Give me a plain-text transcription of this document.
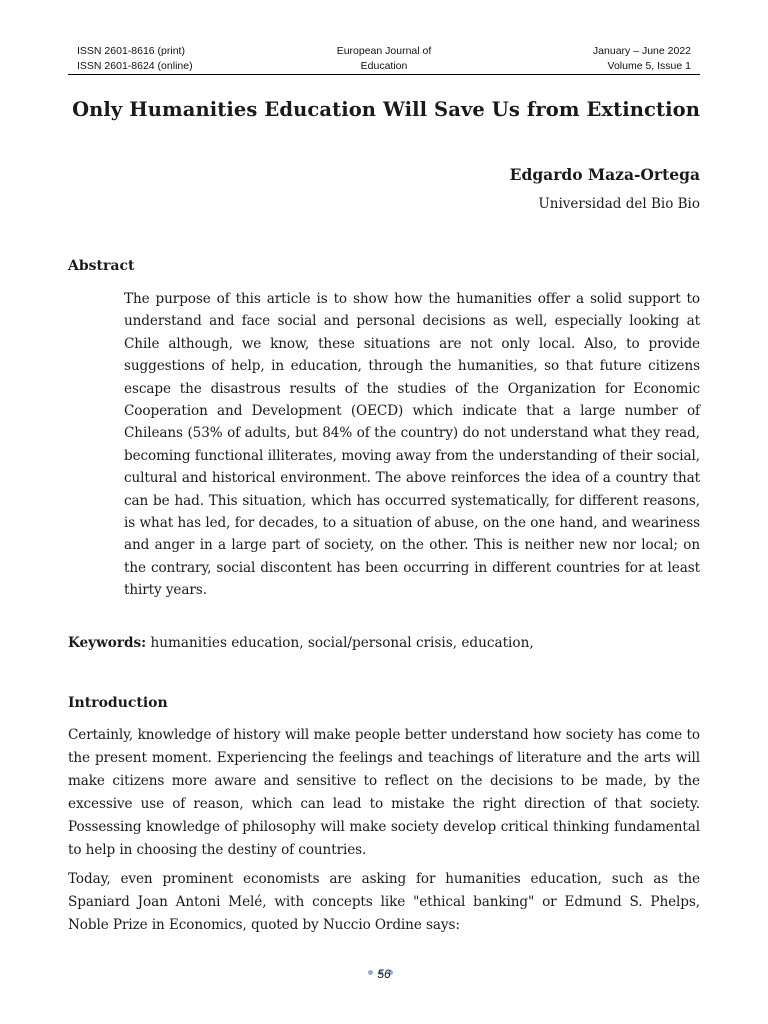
ISSN 2601-8616 (print)
ISSN 2601-8624 (online)
European Journal of
Education
January – June 2022
Volume 5, Issue 1
Only Humanities Education Will Save Us from Extinction
Edgardo Maza-Ortega
Universidad del Bio Bio
Abstract
The purpose of this article is to show how the humanities offer a solid support to understand and face social and personal decisions as well, especially looking at Chile although, we know, these situations are not only local. Also, to provide suggestions of help, in education, through the humanities, so that future citizens escape the disastrous results of the studies of the Organization for Economic Cooperation and Development (OECD) which indicate that a large number of Chileans (53% of adults, but 84% of the country) do not understand what they read, becoming functional illiterates, moving away from the understanding of their social, cultural and historical environment. The above reinforces the idea of a country that can be had. This situation, which has occurred systematically, for different reasons, is what has led, for decades, to a situation of abuse, on the one hand, and weariness and anger in a large part of society, on the other. This is neither new nor local; on the contrary, social discontent has been occurring in different countries for at least thirty years.
Keywords: humanities education, social/personal crisis, education,
Introduction
Certainly, knowledge of history will make people better understand how society has come to the present moment. Experiencing the feelings and teachings of literature and the arts will make citizens more aware and sensitive to reflect on the decisions to be made, by the excessive use of reason, which can lead to mistake the right direction of that society. Possessing knowledge of philosophy will make society develop critical thinking fundamental to help in choosing the destiny of countries.
Today, even prominent economists are asking for humanities education, such as the Spaniard Joan Antoni Melé, with concepts like "ethical banking" or Edmund S. Phelps, Noble Prize in Economics, quoted by Nuccio Ordine says:
56
